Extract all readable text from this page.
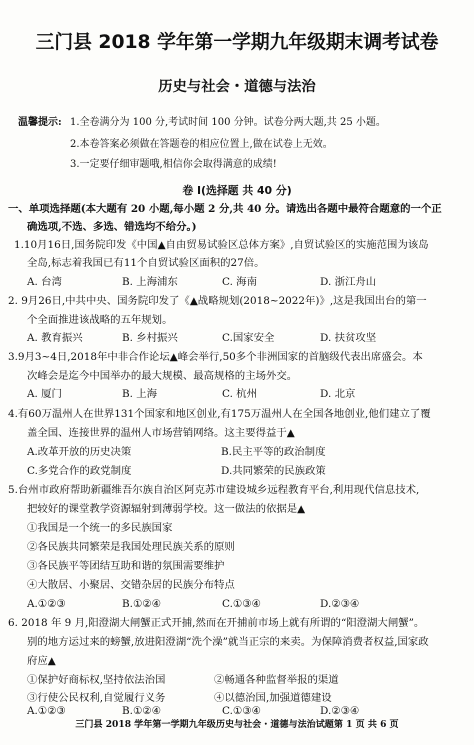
三门县 2018 学年第一学期九年级期末调考试卷
历史与社会・道德与法治
温馨提示: 1.全卷满分为 100 分,考试时间 100 分钟。试卷分两大题,共 25 小题。
2.本卷答案必须做在答题卷的相应位置上,做在试卷上无效。
3.一定要仔细审题哦,相信你会取得满意的成绩!
卷 I(选择题 共 40 分)
一、单项选择题(本大题有 20 小题,每小题 2 分,共 40 分。请选出各题中最符合题意的一个正
确选项,不选、多选、错选均不给分。)
1.10月16日,国务院印发《中国▲自由贸易试验区总体方案》,自贸试验区的实施范围为该岛
全岛,标志着我国已有11个自贸试验区面积的27倍。
A. 台湾	B. 上海浦东	C. 海南	D. 浙江舟山
2. 9月26日,中共中央、国务院印发了《▲战略规划(2018~2022年)》,这是我国出台的第一
个全面推进该战略的五年规划。
A. 教育振兴	B. 乡村振兴	C.国家安全	D. 扶贫攻坚
3.9月3~4日,2018年中非合作论坛▲峰会举行,50多个非洲国家的首脑级代表出席盛会。本
次峰会是迄今中国举办的最大规模、最高规格的主场外交。
A. 厦门	B. 上海	C. 杭州	D. 北京
4.有60万温州人在世界131个国家和地区创业,有175万温州人在全国各地创业,他们建立了覆
盖全国、连接世界的温州人市场营销网络。这主要得益于▲
A.改革开放的历史决策	B.民主平等的政治制度
C.多党合作的政党制度	D.共同繁荣的民族政策
5.台州市政府帮助新疆维吾尔族自治区阿克苏市建设城乡远程教育平台,利用现代信息技术,
把较好的课堂教学资源辐射到薄弱学校。这一做法的依据是▲
①我国是一个统一的多民族国家
②各民族共同繁荣是我国处理民族关系的原则
③各民族平等团结互助和谐的氛围需要维护
④大散居、小聚居、交错杂居的民族分布特点
A.①②③	B.①②④	C.①③④	D.②③④
6. 2018 年 9 月,阳澄湖大闸蟹正式开捕,然而在开捕前市场上就有所谓的“阳澄湖大闸蟹”。
别的地方运过来的螃蟹,放进阳澄湖“洗个澡”就当正宗的来卖。为保障消费者权益,国家政
府应▲
①保护好商标权,坚持依法治国	②畅通各种监督举报的渠道
③行使公民权利,自觉履行义务	④以德治国,加强道德建设
A.①②③	B.①②④	C.①③④	D.②③④
三门县 2018 学年第一学期九年级历史与社会・道德与法治试题第 1 页 共 6 页
